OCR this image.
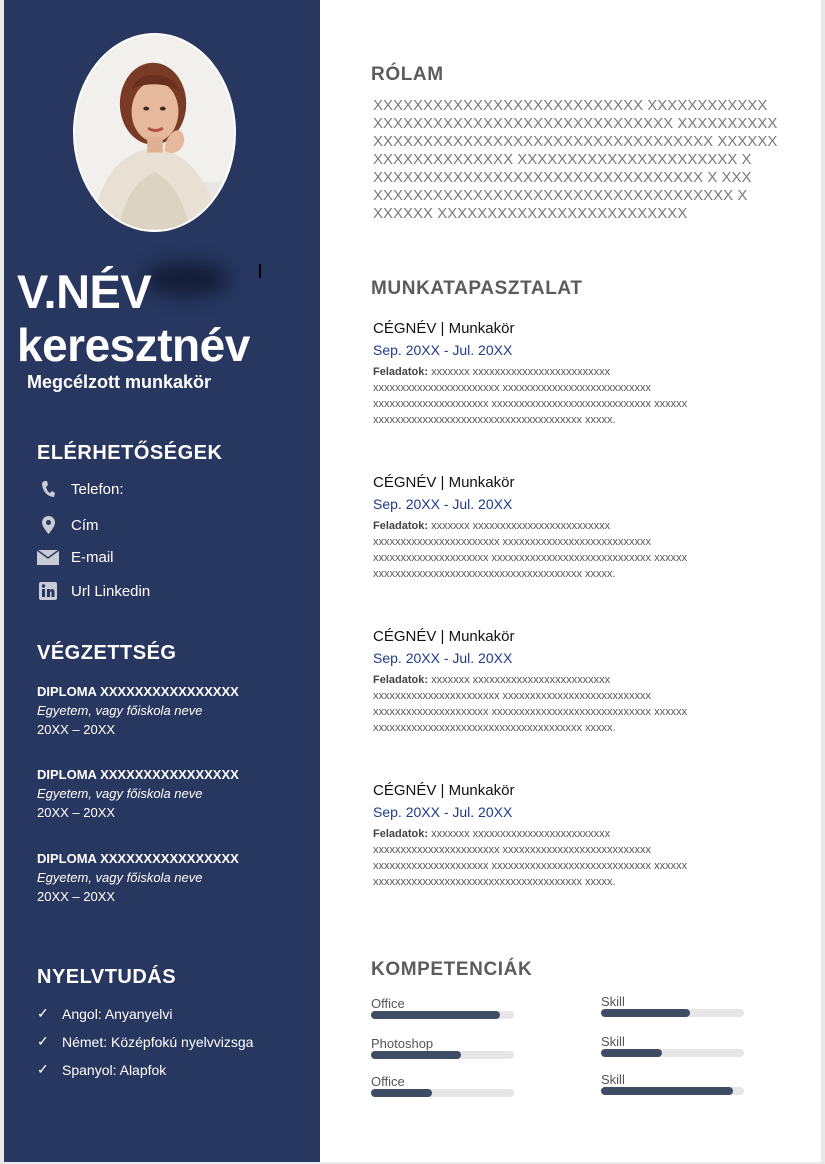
V.NÉV
keresztnév
Megcélzott munkakör
ELÉRHETŐSÉGEK
Telefon:
Cím
E-mail
Url Linkedin
VÉGZETTSÉG
DIPLOMA XXXXXXXXXXXXXXXX
Egyetem, vagy főiskola neve
20XX – 20XX
DIPLOMA XXXXXXXXXXXXXXXX
Egyetem, vagy főiskola neve
20XX – 20XX
DIPLOMA XXXXXXXXXXXXXXXX
Egyetem, vagy főiskola neve
20XX – 20XX
NYELVTUDÁS
✓ Angol: Anyanyelvi
✓ Német: Középfokú nyelvvizsga
✓ Spanyol: Alapfok
RÓLAM
XXXXXXXXXXXXXXXXXXXXXXXXXXX XXXXXXXXXXXX
XXXXXXXXXXXXXXXXXXXXXXXXXXXXXX XXXXXXXXXX
XXXXXXXXXXXXXXXXXXXXXXXXXXXXXXXXXX XXXXXX
XXXXXXXXXXXXXX XXXXXXXXXXXXXXXXXXXXXX X
XXXXXXXXXXXXXXXXXXXXXXXXXXXXXXXXX X XXX
XXXXXXXXXXXXXXXXXXXXXXXXXXXXXXXXXXXX X
XXXXXX XXXXXXXXXXXXXXXXXXXXXXXXX
MUNKATAPASZTALAT
CÉGNÉV | Munkakör
Sep. 20XX - Jul. 20XX
Feladatok: xxxxxxx xxxxxxxxxxxxxxxxxxxxxxxxx
xxxxxxxxxxxxxxxxxxxxxxx xxxxxxxxxxxxxxxxxxxxxxxxxxx
xxxxxxxxxxxxxxxxxxxxx xxxxxxxxxxxxxxxxxxxxxxxxxxxxx xxxxxx
xxxxxxxxxxxxxxxxxxxxxxxxxxxxxxxxxxxxxx xxxxx.
CÉGNÉV | Munkakör
Sep. 20XX - Jul. 20XX
Feladatok: xxxxxxx xxxxxxxxxxxxxxxxxxxxxxxxx
xxxxxxxxxxxxxxxxxxxxxxx xxxxxxxxxxxxxxxxxxxxxxxxxxx
xxxxxxxxxxxxxxxxxxxxx xxxxxxxxxxxxxxxxxxxxxxxxxxxxx xxxxxx
xxxxxxxxxxxxxxxxxxxxxxxxxxxxxxxxxxxxxx xxxxx.
CÉGNÉV | Munkakör
Sep. 20XX - Jul. 20XX
Feladatok: xxxxxxx xxxxxxxxxxxxxxxxxxxxxxxxx
xxxxxxxxxxxxxxxxxxxxxxx xxxxxxxxxxxxxxxxxxxxxxxxxxx
xxxxxxxxxxxxxxxxxxxxx xxxxxxxxxxxxxxxxxxxxxxxxxxxxx xxxxxx
xxxxxxxxxxxxxxxxxxxxxxxxxxxxxxxxxxxxxx xxxxx.
CÉGNÉV | Munkakör
Sep. 20XX - Jul. 20XX
Feladatok: xxxxxxx xxxxxxxxxxxxxxxxxxxxxxxxx
xxxxxxxxxxxxxxxxxxxxxxx xxxxxxxxxxxxxxxxxxxxxxxxxxx
xxxxxxxxxxxxxxxxxxxxx xxxxxxxxxxxxxxxxxxxxxxxxxxxxx xxxxxx
xxxxxxxxxxxxxxxxxxxxxxxxxxxxxxxxxxxxxx xxxxx.
KOMPETENCIÁK
Office	Skill
Photoshop	Skill
Office	Skill
